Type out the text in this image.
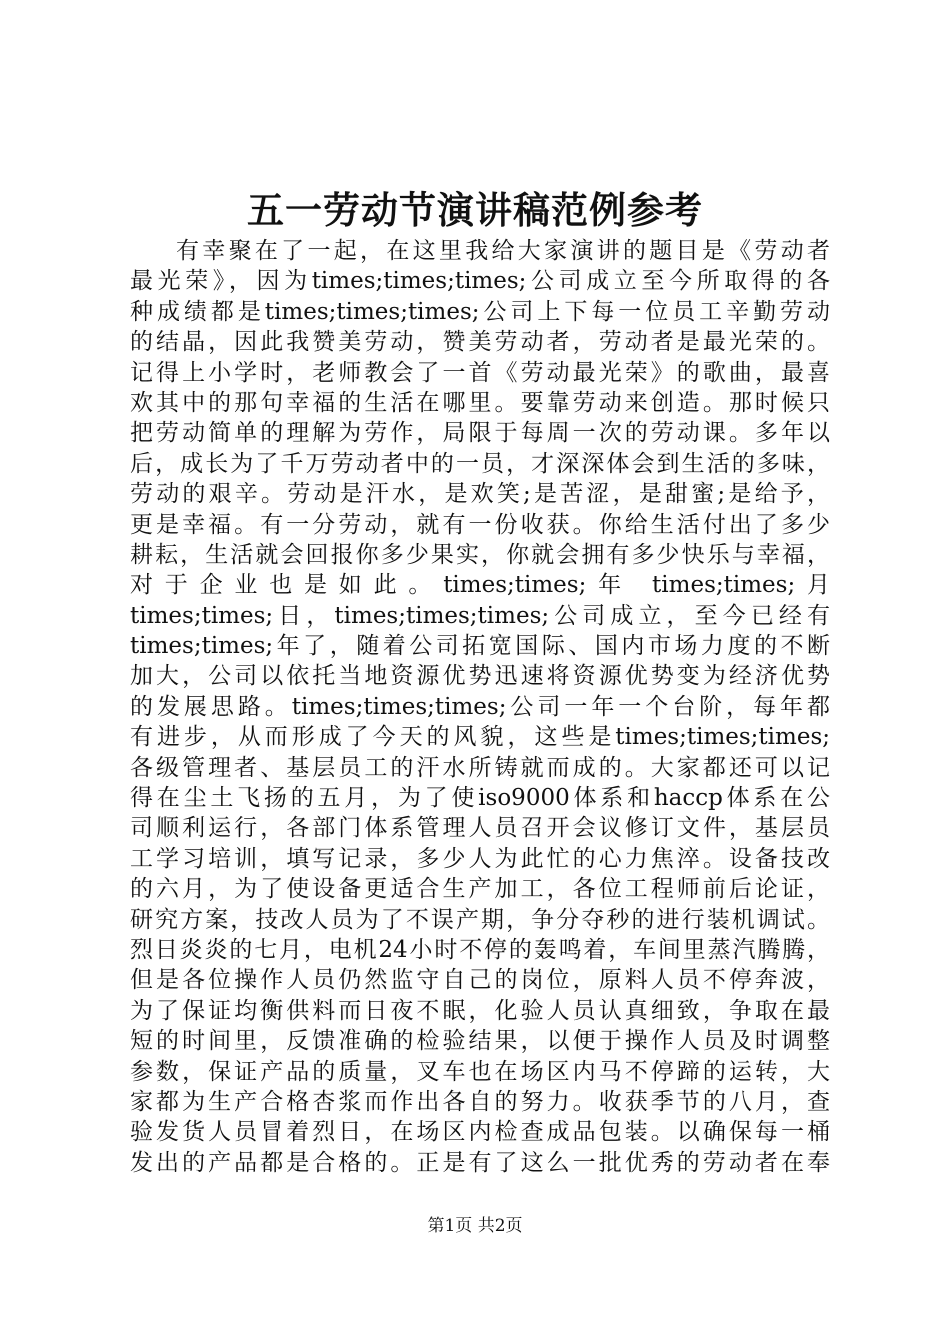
五一劳动节演讲稿范例参考
有幸聚在了一起，在这里我给大家演讲的题目是《劳动者
最光荣》，因为times;times;times;公司成立至今所取得的各
种成绩都是times;times;times;公司上下每一位员工辛勤劳动
的结晶，因此我赞美劳动，赞美劳动者，劳动者是最光荣的。
记得上小学时，老师教会了一首《劳动最光荣》的歌曲，最喜
欢其中的那句幸福的生活在哪里。要靠劳动来创造。那时候只
把劳动简单的理解为劳作，局限于每周一次的劳动课。多年以
后，成长为了千万劳动者中的一员，才深深体会到生活的多味，
劳动的艰辛。劳动是汗水，是欢笑;是苦涩，是甜蜜;是给予，
更是幸福。有一分劳动，就有一份收获。你给生活付出了多少
耕耘，生活就会回报你多少果实，你就会拥有多少快乐与幸福，
对于企业也是如此。times;times;年 times;times;月
times;times;日，times;times;times;公司成立，至今已经有
times;times;年了，随着公司拓宽国际、国内市场力度的不断
加大，公司以依托当地资源优势迅速将资源优势变为经济优势
的发展思路。times;times;times;公司一年一个台阶，每年都
有进步，从而形成了今天的风貌，这些是times;times;times;
各级管理者、基层员工的汗水所铸就而成的。大家都还可以记
得在尘土飞扬的五月，为了使iso9000体系和haccp体系在公
司顺利运行，各部门体系管理人员召开会议修订文件，基层员
工学习培训，填写记录，多少人为此忙的心力焦淬。设备技改
的六月，为了使设备更适合生产加工，各位工程师前后论证，
研究方案，技改人员为了不误产期，争分夺秒的进行装机调试。
烈日炎炎的七月，电机24小时不停的轰鸣着，车间里蒸汽腾腾，
但是各位操作人员仍然监守自己的岗位，原料人员不停奔波，
为了保证均衡供料而日夜不眠，化验人员认真细致，争取在最
短的时间里，反馈准确的检验结果，以便于操作人员及时调整
参数，保证产品的质量，叉车也在场区内马不停蹄的运转，大
家都为生产合格杏浆而作出各自的努力。收获季节的八月，查
验发货人员冒着烈日，在场区内检查成品包装。以确保每一桶
发出的产品都是合格的。正是有了这么一批优秀的劳动者在奉
第1页 共2页
